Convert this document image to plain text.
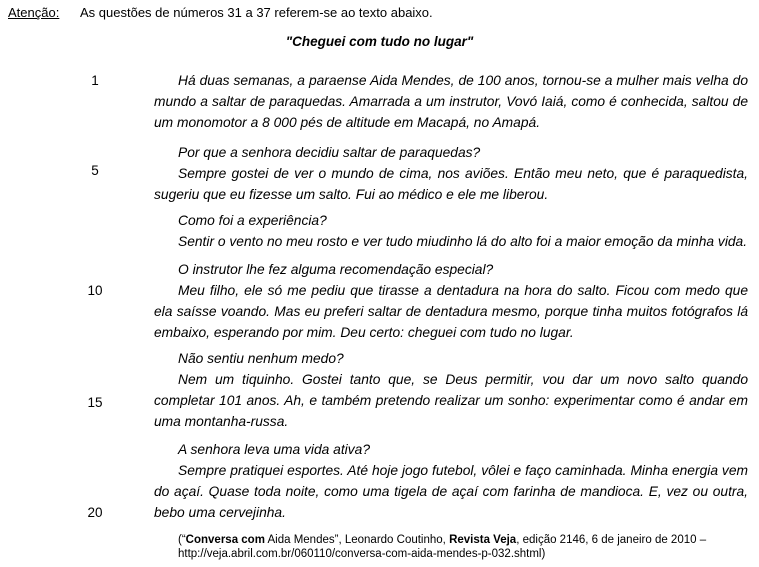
Atenção: As questões de números 31 a 37 referem-se ao texto abaixo.
"Cheguei com tudo no lugar"
1
5
10
15
20

Há duas semanas, a paraense Aida Mendes, de 100 anos, tornou-se a mulher mais velha do mundo a saltar de paraquedas. Amarrada a um instrutor, Vovó Iaiá, como é conhecida, saltou de um monomotor a 8 000 pés de altitude em Macapá, no Amapá.

Por que a senhora decidiu saltar de paraquedas?

Sempre gostei de ver o mundo de cima, nos aviões. Então meu neto, que é paraquedista, sugeriu que eu fizesse um salto. Fui ao médico e ele me liberou.

Como foi a experiência?

Sentir o vento no meu rosto e ver tudo miudinho lá do alto foi a maior emoção da minha vida.

O instrutor lhe fez alguma recomendação especial?

Meu filho, ele só me pediu que tirasse a dentadura na hora do salto. Ficou com medo que ela saísse voando. Mas eu preferi saltar de dentadura mesmo, porque tinha muitos fotógrafos lá embaixo, esperando por mim. Deu certo: cheguei com tudo no lugar.

Não sentiu nenhum medo?

Nem um tiquinho. Gostei tanto que, se Deus permitir, vou dar um novo salto quando completar 101 anos. Ah, e também pretendo realizar um sonho: experimentar como é andar em uma montanha-russa.

A senhora leva uma vida ativa?

Sempre pratiquei esportes. Até hoje jogo futebol, vôlei e faço caminhada. Minha energia vem do açaí. Quase toda noite, como uma tigela de açaí com farinha de mandioca. E, vez ou outra, bebo uma cervejinha.

(“Conversa com Aida Mendes”, Leonardo Coutinho, Revista Veja, edição 2146, 6 de janeiro de 2010 – http://veja.abril.com.br/060110/conversa-com-aida-mendes-p-032.shtml)
